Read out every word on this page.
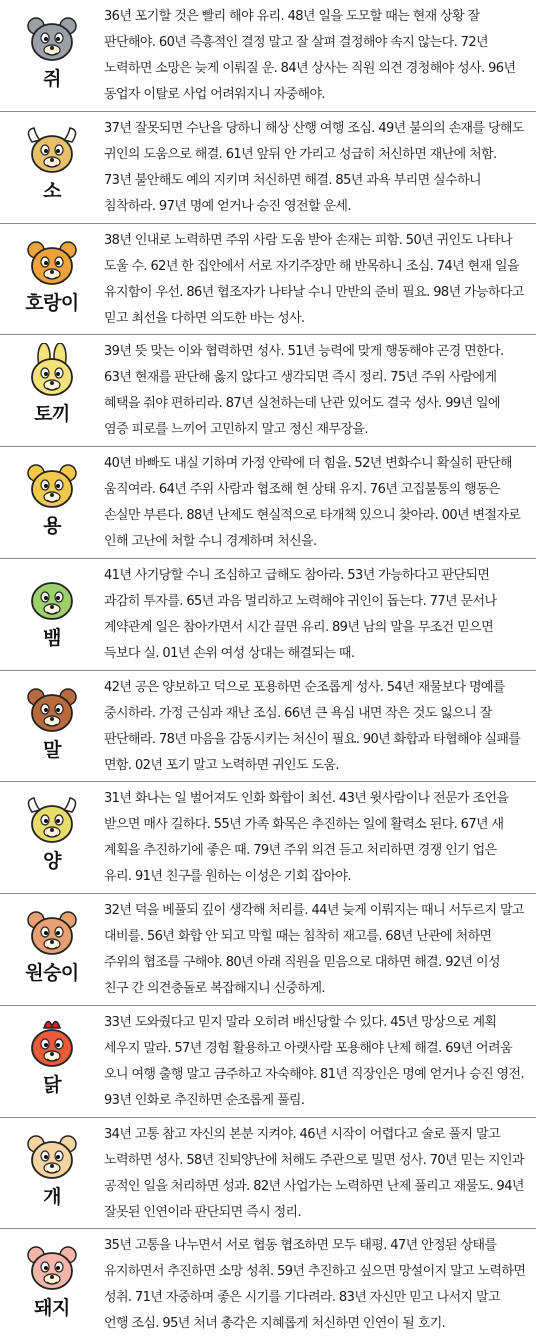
쥐
36년 포기할 것은 빨리 해야 유리. 48년 일을 도모할 때는 현재 상황 잘 판단해야. 60년 즉흥적인 결정 말고 잘 살펴 결정해야 속지 않는다. 72년 노력하면 소망은 늦게 이뤄질 운. 84년 상사는 직원 의견 경청해야 성사. 96년 동업자 이탈로 사업 어려워지니 자중해야.
소
37년 잘못되면 수난을 당하니 해상 산행 여행 조심. 49년 불의의 손재를 당해도 귀인의 도움으로 해결. 61년 앞뒤 안 가리고 성급히 처신하면 재난에 처함. 73년 불안해도 예의 지키며 처신하면 해결. 85년 과욕 부리면 실수하니 침착하라. 97년 명예 얻거나 승진 영전할 운세.
호랑이
38년 인내로 노력하면 주위 사람 도움 받아 손재는 피함. 50년 귀인도 나타나 도울 수. 62년 한 집안에서 서로 자기주장만 해 반목하니 조심. 74년 현재 일을 유지함이 우선. 86년 협조자가 나타날 수니 만반의 준비 필요. 98년 가능하다고 믿고 최선을 다하면 의도한 바는 성사.
토끼
39년 뜻 맞는 이와 협력하면 성사. 51년 능력에 맞게 행동해야 곤경 면한다. 63년 현재를 판단해 옳지 않다고 생각되면 즉시 정리. 75년 주위 사람에게 혜택을 줘야 편하리라. 87년 실천하는데 난관 있어도 결국 성사. 99년 일에 염증 피로를 느끼어 고민하지 말고 정신 재무장을.
용
40년 바빠도 내실 기하며 가정 안락에 더 힘을. 52년 변화수니 확실히 판단해 움직여라. 64년 주위 사람과 협조해 현 상태 유지. 76년 고집불통의 행동은 손실만 부른다. 88년 난제도 현실적으로 타개책 있으니 찾아라. 00년 변절자로 인해 고난에 처할 수니 경계하며 처신을.
뱀
41년 사기당할 수니 조심하고 급해도 참아라. 53년 가능하다고 판단되면 과감히 투자를. 65년 과음 멀리하고 노력해야 귀인이 돕는다. 77년 문서나 계약관계 일은 참아가면서 시간 끌면 유리. 89년 남의 말을 무조건 믿으면 득보다 실. 01년 손위 여성 상대는 해결되는 때.
말
42년 공은 양보하고 덕으로 포용하면 순조롭게 성사. 54년 재물보다 명예를 중시하라. 가정 근심과 재난 조심. 66년 큰 욕심 내면 작은 것도 잃으니 잘 판단해라. 78년 마음을 감동시키는 처신이 필요. 90년 화합과 타협해야 실패를 면함. 02년 포기 말고 노력하면 귀인도 도움.
양
31년 화나는 일 벌어져도 인화 화합이 최선. 43년 윗사람이나 전문가 조언을 받으면 매사 길하다. 55년 가족 화목은 추진하는 일에 활력소 된다. 67년 새 계획을 추진하기에 좋은 때. 79년 주위 의견 듣고 처리하면 경쟁 인기 업은 유리. 91년 친구를 원하는 이성은 기회 잡아야.
원숭이
32년 덕을 베풀되 깊이 생각해 처리를. 44년 늦게 이뤄지는 때니 서두르지 말고 대비를. 56년 화합 안 되고 막힐 때는 침착히 재고를. 68년 난관에 처하면 주위의 협조를 구해야. 80년 아래 직원을 믿음으로 대하면 해결. 92년 이성 친구 간 의견충돌로 복잡해지니 신중하게.
닭
33년 도와줬다고 믿지 말라 오히려 배신당할 수 있다. 45년 망상으로 계획 세우지 말라. 57년 경험 활용하고 아랫사람 포용해야 난제 해결. 69년 어려움 오니 여행 출행 말고 금주하고 자숙해야. 81년 직장인은 명예 얻거나 승진 영전. 93년 인화로 추진하면 순조롭게 풀림.
개
34년 고통 참고 자신의 본분 지켜야. 46년 시작이 어렵다고 술로 풀지 말고 노력하면 성사. 58년 진퇴양난에 처해도 주관으로 밀면 성사. 70년 믿는 지인과 공적인 일을 처리하면 성과. 82년 사업가는 노력하면 난제 풀리고 재물도. 94년 잘못된 인연이라 판단되면 즉시 정리.
돼지
35년 고통을 나누면서 서로 협동 협조하면 모두 태평. 47년 안정된 상태를 유지하면서 추진하면 소망 성취. 59년 추진하고 싶으면 망설이지 말고 노력하면 성취. 71년 자중하며 좋은 시기를 기다려라. 83년 자신만 믿고 나서지 말고 언행 조심. 95년 처녀 총각은 지혜롭게 처신하면 인연이 될 호기.
